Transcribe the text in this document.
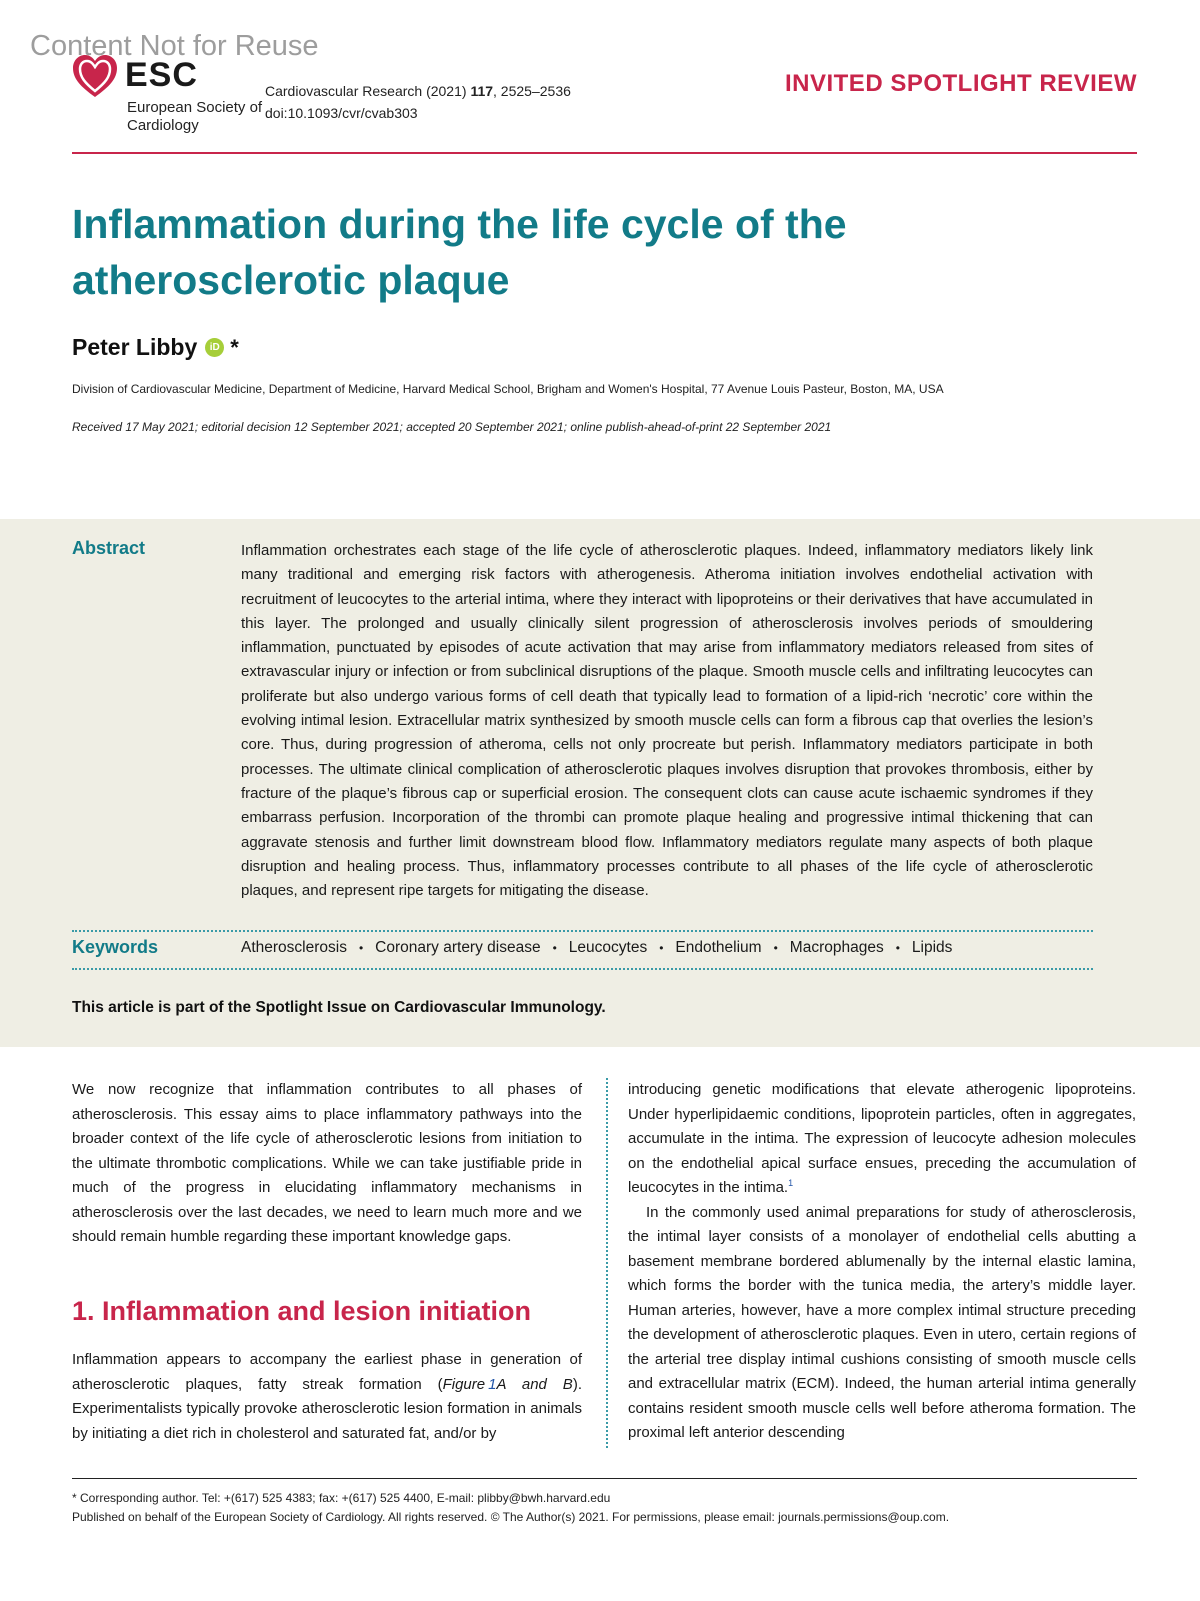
Content Not for Reuse
ESC
European Society of Cardiology
Cardiovascular Research (2021) 117, 2525–2536
doi:10.1093/cvr/cvab303
INVITED SPOTLIGHT REVIEW
Inflammation during the life cycle of the atherosclerotic plaque
Peter Libby	iD *
Division of Cardiovascular Medicine, Department of Medicine, Harvard Medical School, Brigham and Women's Hospital, 77 Avenue Louis Pasteur, Boston, MA, USA
Received 17 May 2021; editorial decision 12 September 2021; accepted 20 September 2021; online publish-ahead-of-print 22 September 2021
Abstract	Inflammation orchestrates each stage of the life cycle of atherosclerotic plaques. Indeed, inflammatory mediators likely link many traditional and emerging risk factors with atherogenesis. Atheroma initiation involves endothelial activation with recruitment of leucocytes to the arterial intima, where they interact with lipoproteins or their derivatives that have accumulated in this layer. The prolonged and usually clinically silent progression of atherosclerosis involves periods of smouldering inflammation, punctuated by episodes of acute activation that may arise from inflammatory mediators released from sites of extravascular injury or infection or from subclinical disruptions of the plaque. Smooth muscle cells and infiltrating leucocytes can proliferate but also undergo various forms of cell death that typically lead to formation of a lipid-rich ‘necrotic’ core within the evolving intimal lesion. Extracellular matrix synthesized by smooth muscle cells can form a fibrous cap that overlies the lesion’s core. Thus, during progression of atheroma, cells not only procreate but perish. Inflammatory mediators participate in both processes. The ultimate clinical complication of atherosclerotic plaques involves disruption that provokes thrombosis, either by fracture of the plaque’s fibrous cap or superficial erosion. The consequent clots can cause acute ischaemic syndromes if they embarrass perfusion. Incorporation of the thrombi can promote plaque healing and progressive intimal thickening that can aggravate stenosis and further limit downstream blood flow. Inflammatory mediators regulate many aspects of both plaque disruption and healing process. Thus, inflammatory processes contribute to all phases of the life cycle of atherosclerotic plaques, and represent ripe targets for mitigating the disease.

Keywords	Atherosclerosis • Coronary artery disease • Leucocytes • Endothelium • Macrophages • Lipids
This article is part of the Spotlight Issue on Cardiovascular Immunology.

We now recognize that inflammation contributes to all phases of atherosclerosis. This essay aims to place inflammatory pathways into the broader context of the life cycle of atherosclerotic lesions from initiation to the ultimate thrombotic complications. While we can take justifiable pride in much of the progress in elucidating inflammatory mechanisms in atherosclerosis over the last decades, we need to learn much more and we should remain humble regarding these important knowledge gaps.

1. Inflammation and lesion initiation

Inflammation appears to accompany the earliest phase in generation of atherosclerotic plaques, fatty streak formation (Figure  1A and B). Experimentalists typically provoke atherosclerotic lesion formation in animals by initiating a diet rich in cholesterol and saturated fat, and/or by

introducing genetic modifications that elevate atherogenic lipoproteins. Under hyperlipidaemic conditions, lipoprotein particles, often in aggregates, accumulate in the intima. The expression of leucocyte adhesion molecules on the endothelial apical surface ensues, preceding the accumulation of leucocytes in the intima.$^1$

In the commonly used animal preparations for study of atherosclerosis, the intimal layer consists of a monolayer of endothelial cells abutting a basement membrane bordered ablumenally by the internal elastic lamina, which forms the border with the tunica media, the artery’s middle layer. Human arteries, however, have a more complex intimal structure preceding the development of atherosclerotic plaques. Even in utero, certain regions of the arterial tree display intimal cushions consisting of smooth muscle cells and extracellular matrix (ECM). Indeed, the human arterial intima generally contains resident smooth muscle cells well before atheroma formation. The proximal left anterior descending

* Corresponding author. Tel: +(617) 525 4383; fax: +(617) 525 4400, E-mail: plibby@bwh.harvard.edu
Published on behalf of the European Society of Cardiology. All rights reserved. © The Author(s) 2021. For permissions, please email: journals.permissions@oup.com.
